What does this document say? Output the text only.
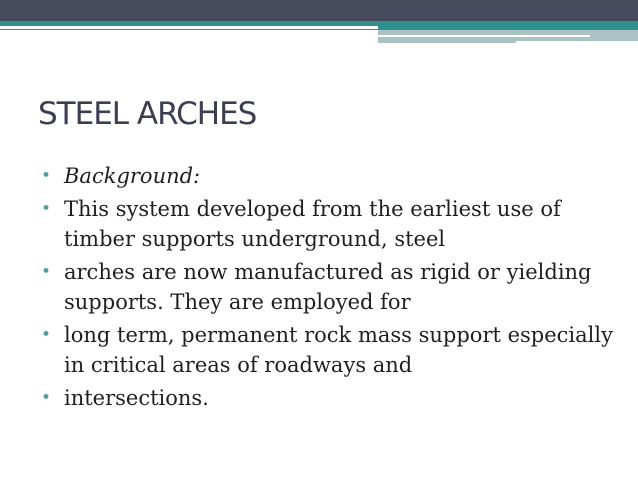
STEEL ARCHES
• Background:
• This system developed from the earliest use of timber supports underground, steel
• arches are now manufactured as rigid or yielding supports. They are employed for
• long term, permanent rock mass support especially in critical areas of roadways and
• intersections.
